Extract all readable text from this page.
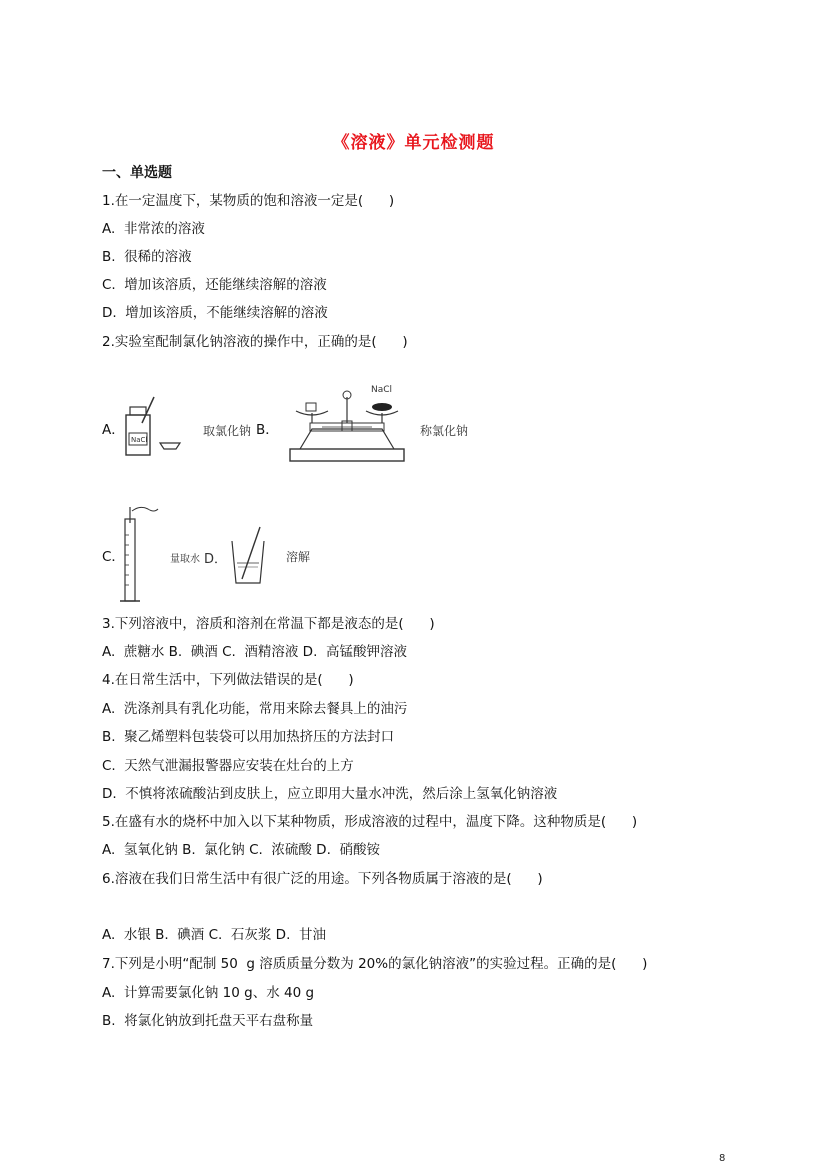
《溶液》单元检测题
一、单选题
1.在一定温度下，某物质的饱和溶液一定是(      )
A.  非常浓的溶液
B.  很稀的溶液
C.  增加该溶质，还能继续溶解的溶液
D.  增加该溶质，不能继续溶解的溶液
2.实验室配制氯化钠溶液的操作中，正确的是(      )
A．
NaCl
取氯化钠 B．
NaCl
称氯化钠
C．	量取水 D．	溶解
3.下列溶液中，溶质和溶剂在常温下都是液态的是(      )
A.  蔗糖水 B.  碘酒 C.  酒精溶液 D.  高锰酸钾溶液
4.在日常生活中，下列做法错误的是(      )
A.  洗涤剂具有乳化功能，常用来除去餐具上的油污
B.  聚乙烯塑料包装袋可以用加热挤压的方法封口
C.  天然气泄漏报警器应安装在灶台的上方
D.  不慎将浓硫酸沾到皮肤上，应立即用大量水冲洗，然后涂上氢氧化钠溶液
5.在盛有水的烧杯中加入以下某种物质，形成溶液的过程中，温度下降。这种物质是(      )
A.  氢氧化钠 B.  氯化钠 C.  浓硫酸 D.  硝酸铵
6.溶液在我们日常生活中有很广泛的用途。下列各物质属于溶液的是(      )
A.  水银 B.  碘酒 C.  石灰浆 D.  甘油
7.下列是小明“配制 50  g 溶质质量分数为 20%的氯化钠溶液”的实验过程。正确的是(      )
A.  计算需要氯化钠 10 g、水 40 g
B.  将氯化钠放到托盘天平右盘称量
8
